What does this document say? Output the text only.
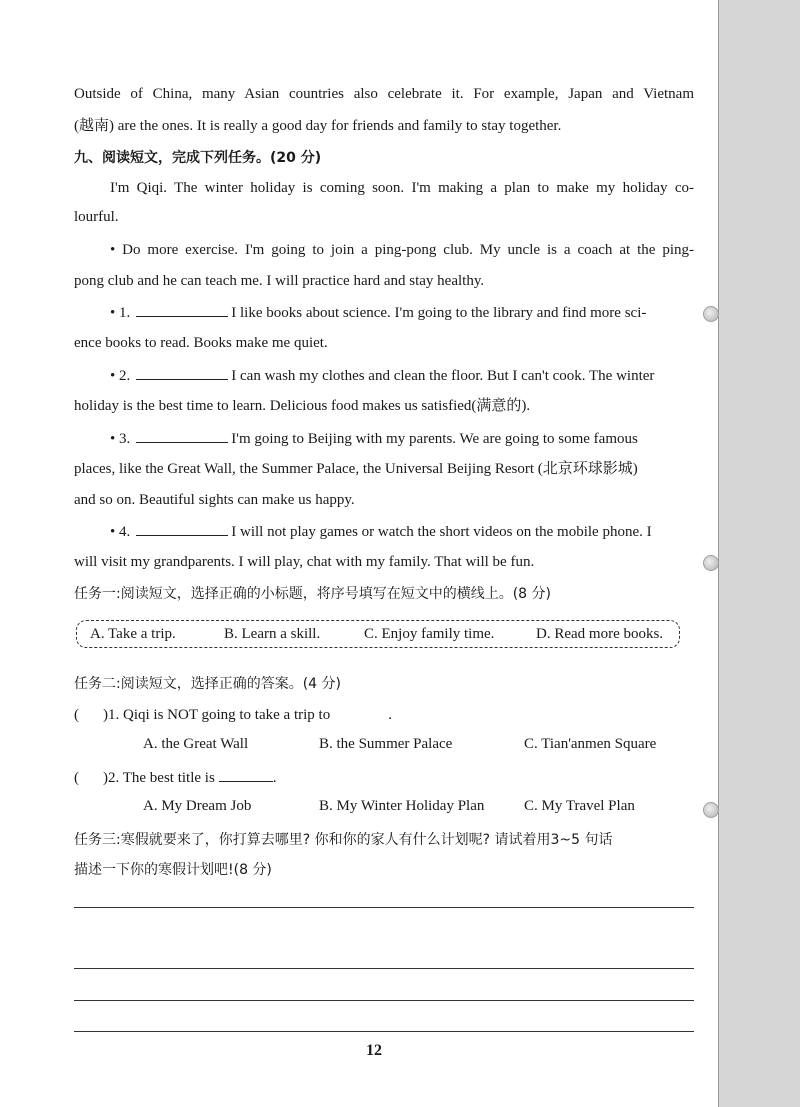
Outside of China, many Asian countries also celebrate it. For example, Japan and Vietnam
(越南) are the ones. It is really a good day for friends and family to stay together.
九、阅读短文，完成下列任务。(20 分)
I'm Qiqi. The winter holiday is coming soon. I'm making a plan to make my holiday co-
lourful.
• Do more exercise. I'm going to join a ping-pong club. My uncle is a coach at the ping-
pong club and he can teach me. I will practice hard and stay healthy.
• 1.	I like books about science. I'm going to the library and find more sci-
ence books to read. Books make me quiet.
• 2.	I can wash my clothes and clean the floor. But I can't cook. The winter
holiday is the best time to learn. Delicious food makes us satisfied(满意的).
• 3.	I'm going to Beijing with my parents. We are going to some famous
places, like the Great Wall, the Summer Palace, the Universal Beijing Resort (北京环球影城)
and so on. Beautiful sights can make us happy.
• 4.	I will not play games or watch the short videos on the mobile phone. I
will visit my grandparents. I will play, chat with my family. That will be fun.
任务一:阅读短文，选择正确的小标题，将序号填写在短文中的横线上。(8 分)
A. Take a trip.	B. Learn a skill.	C. Enjoy family time.	D. Read more books.
任务二:阅读短文，选择正确的答案。(4 分)
( )1. Qiqi is NOT going to take a trip to	.
A. the Great Wall	B. the Summer Palace	C. Tian'anmen Square
( )2. The best title is	.
A. My Dream Job	B. My Winter Holiday Plan	C. My Travel Plan
任务三:寒假就要来了，你打算去哪里? 你和你的家人有什么计划呢? 请试着用3~5 句话
描述一下你的寒假计划吧!(8 分)
12
